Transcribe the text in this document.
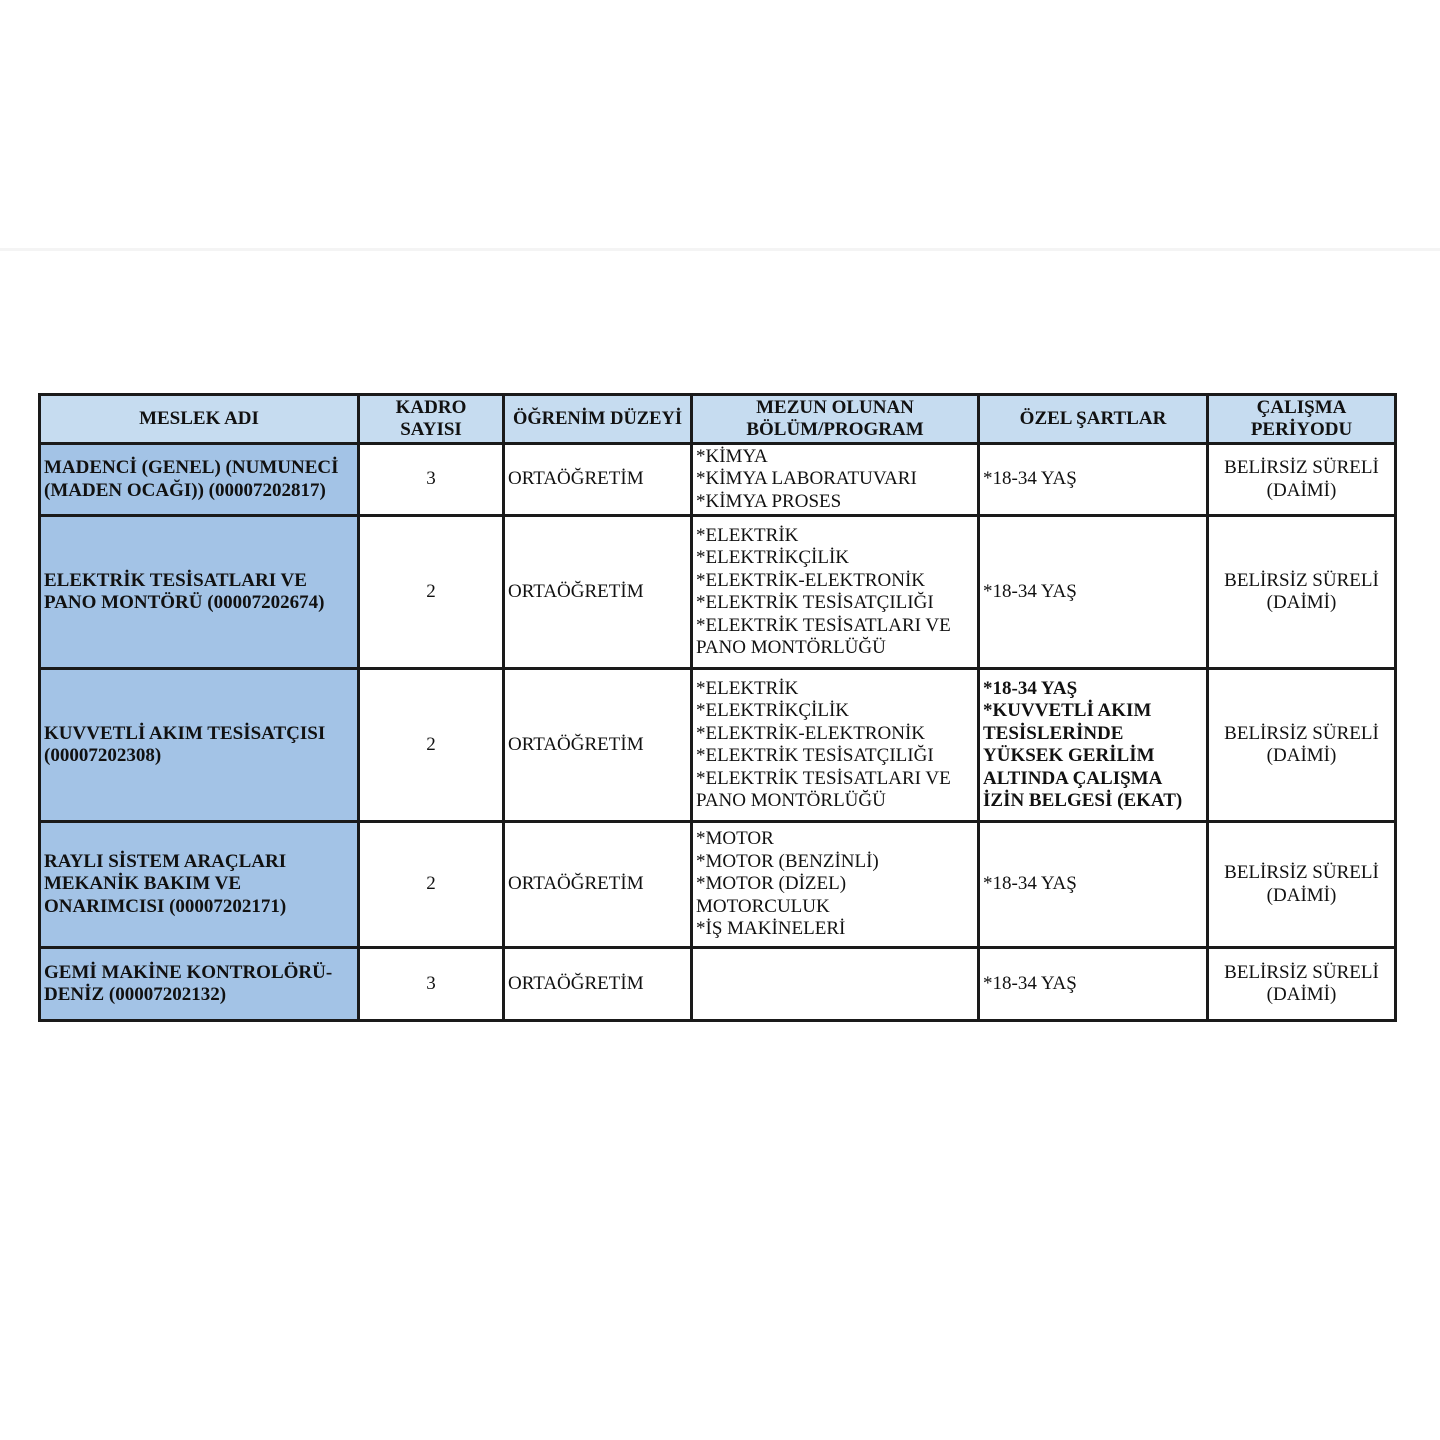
MESLEK ADI	KADRO SAYISI	ÖĞRENİM DÜZEYİ	MEZUN OLUNAN BÖLÜM/PROGRAM	ÖZEL ŞARTLAR	ÇALIŞMA PERİYODU
MADENCİ (GENEL) (NUMUNECİ (MADEN OCAĞI)) (00007202817)	3	ORTAÖĞRETİM	*KİMYA
*KİMYA LABORATUVARI
*KİMYA PROSES	*18-34 YAŞ	BELİRSİZ SÜRELİ (DAİMİ)
ELEKTRİK TESİSATLARI VE PANO MONTÖRÜ (00007202674)	2	ORTAÖĞRETİM	*ELEKTRİK
*ELEKTRİKÇİLİK
*ELEKTRİK-ELEKTRONİK
*ELEKTRİK TESİSATÇILIĞI
*ELEKTRİK TESİSATLARI VE PANO MONTÖRLÜĞÜ	*18-34 YAŞ	BELİRSİZ SÜRELİ (DAİMİ)
KUVVETLİ AKIM TESİSATÇISI (00007202308)	2	ORTAÖĞRETİM	*ELEKTRİK
*ELEKTRİKÇİLİK
*ELEKTRİK-ELEKTRONİK
*ELEKTRİK TESİSATÇILIĞI
*ELEKTRİK TESİSATLARI VE PANO MONTÖRLÜĞÜ	*18-34 YAŞ
*KUVVETLİ AKIM TESİSLERİNDE YÜKSEK GERİLİM ALTINDA ÇALIŞMA İZİN BELGESİ (EKAT)	BELİRSİZ SÜRELİ (DAİMİ)
RAYLI SİSTEM ARAÇLARI MEKANİK BAKIM VE ONARIMCISI (00007202171)	2	ORTAÖĞRETİM	*MOTOR
*MOTOR (BENZİNLİ)
*MOTOR (DİZEL)
MOTORCULUK
*İŞ MAKİNELERİ	*18-34 YAŞ	BELİRSİZ SÜRELİ (DAİMİ)
GEMİ MAKİNE KONTROLÖRÜ- DENİZ (00007202132)	3	ORTAÖĞRETİM		*18-34 YAŞ	BELİRSİZ SÜRELİ (DAİMİ)
